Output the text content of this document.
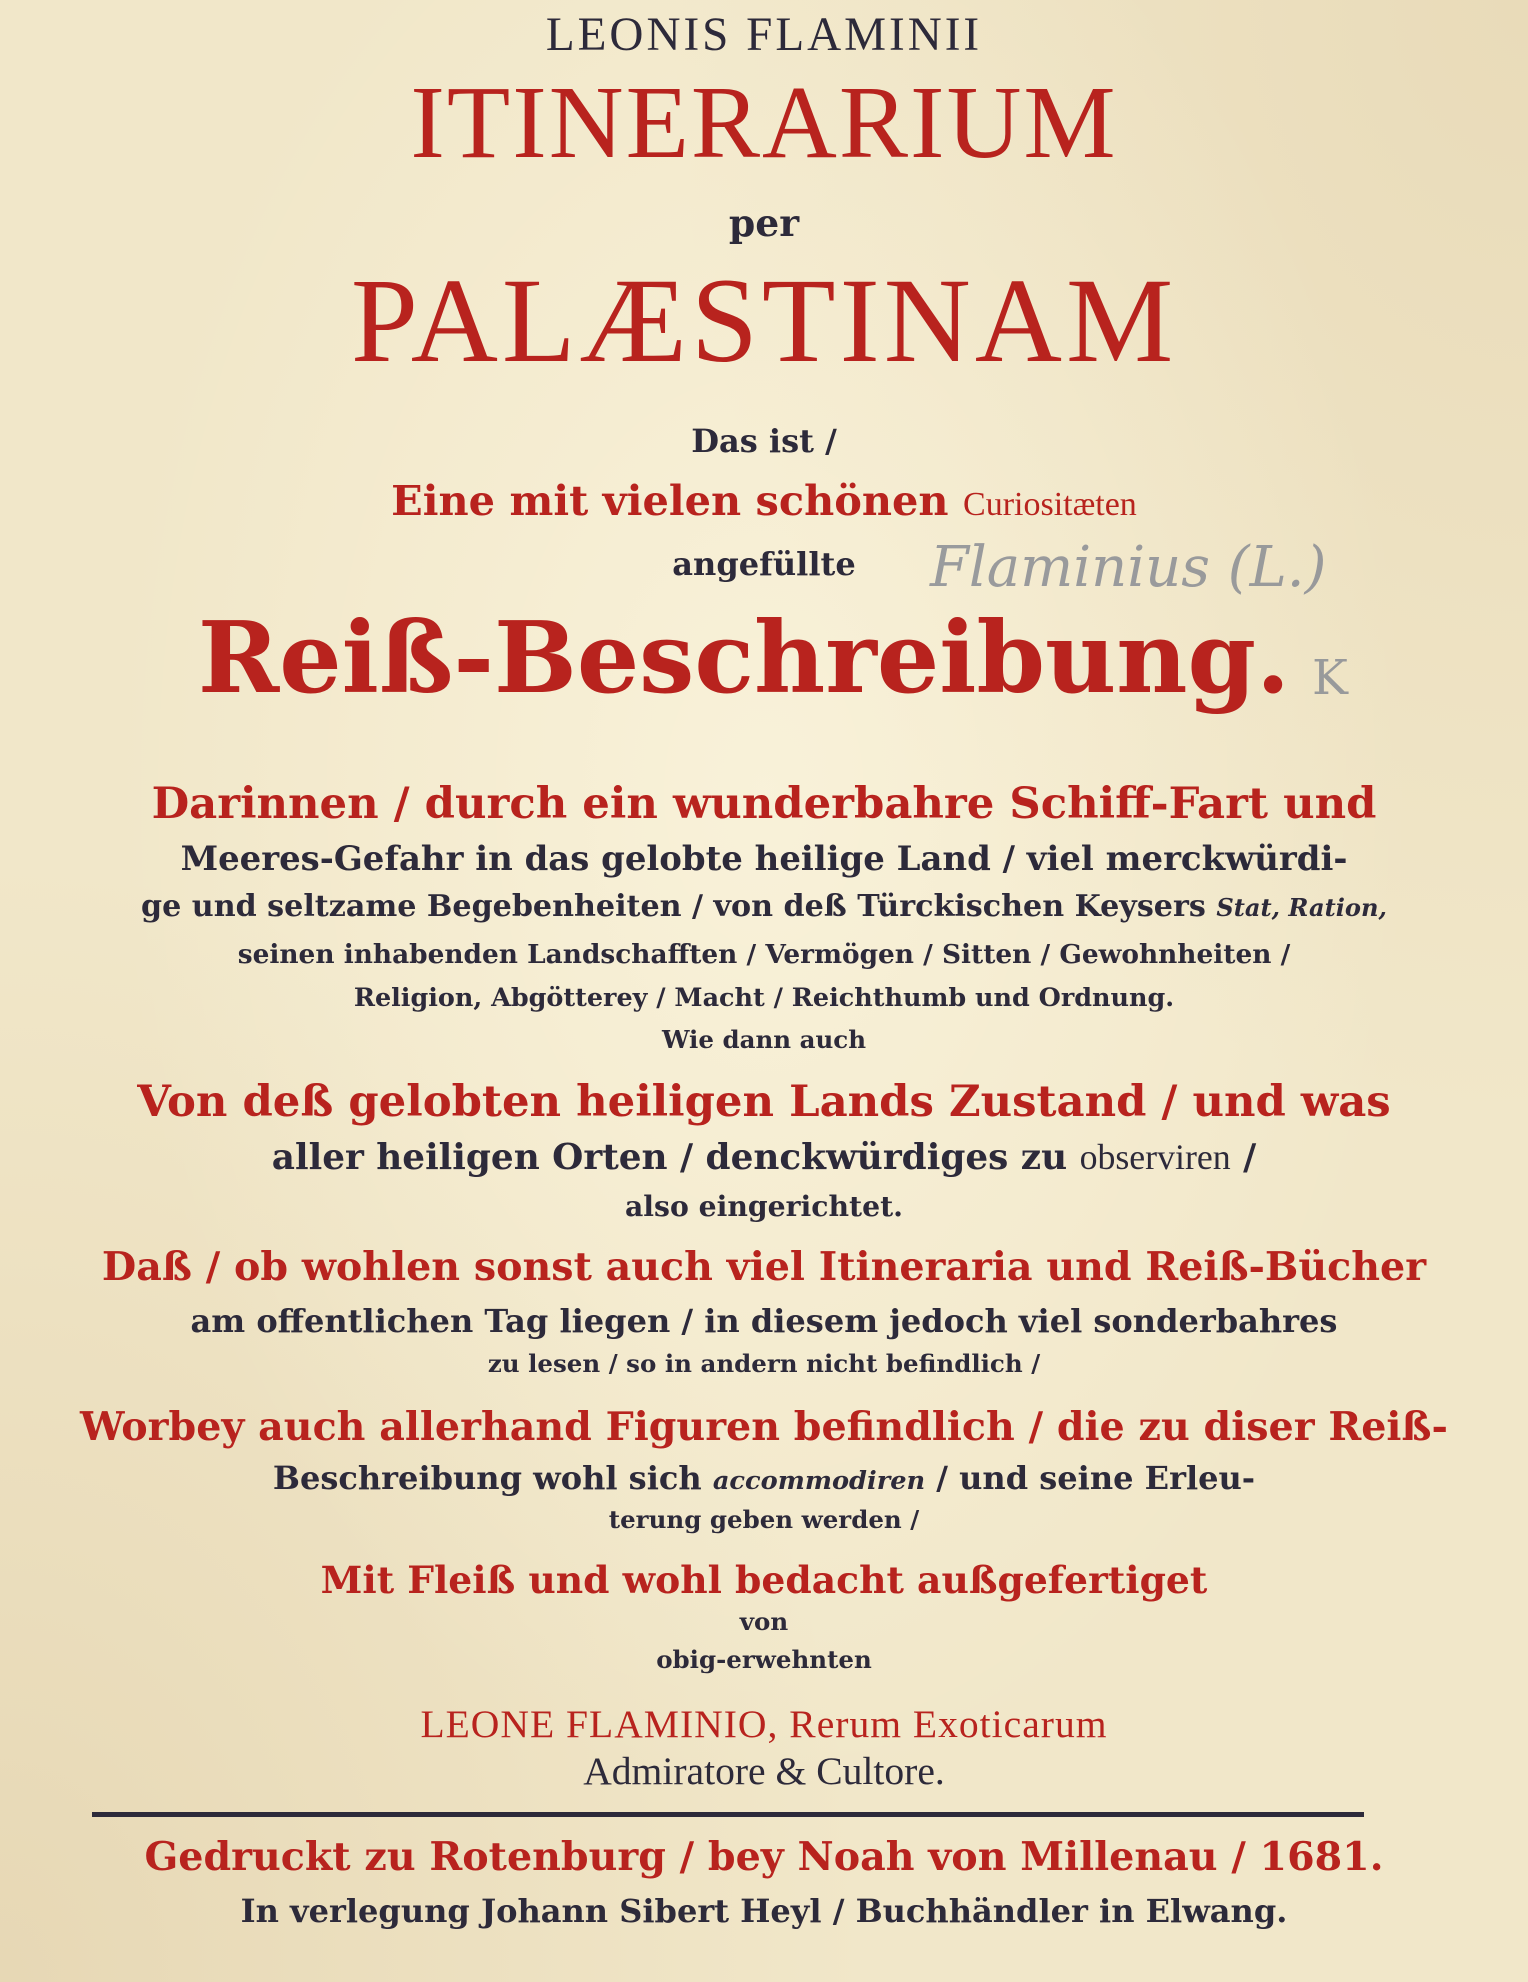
LEONIS FLAMINII
ITINERARIUM
per
PALÆSTINAM
Das ist /
Eine mit vielen schönen Curiositæten
angefüllte
Reiß-Beschreibung.
Darinnen / durch ein wunderbahre Schiff-Fart und
Meeres-Gefahr in das gelobte heilige Land / viel merckwürdi-
ge und seltzame Begebenheiten / von deß Türckischen Keysers Stat, Ration,
seinen inhabenden Landschafften / Vermögen / Sitten / Gewohnheiten /
Religion, Abgötterey / Macht / Reichthumb und Ordnung.
Wie dann auch
Von deß gelobten heiligen Lands Zustand / und was
aller heiligen Orten / denckwürdiges zu observiren /
also eingerichtet.
Daß / ob wohlen sonst auch viel Itineraria und Reiß-Bücher
am offentlichen Tag liegen / in diesem jedoch viel sonderbahres
zu lesen / so in andern nicht befindlich /
Worbey auch allerhand Figuren befindlich / die zu diser Reiß-
Beschreibung wohl sich accommodiren / und seine Erleu-
terung geben werden /
Mit Fleiß und wohl bedacht außgefertiget
von
obig-erwehnten
LEONE FLAMINIO, Rerum Exoticarum
Admiratore & Cultore.
Gedruckt zu Rotenburg / bey Noah von Millenau / 1681.
In verlegung Johann Sibert Heyl / Buchhändler in Elwang.
Flaminius (L.)
K
